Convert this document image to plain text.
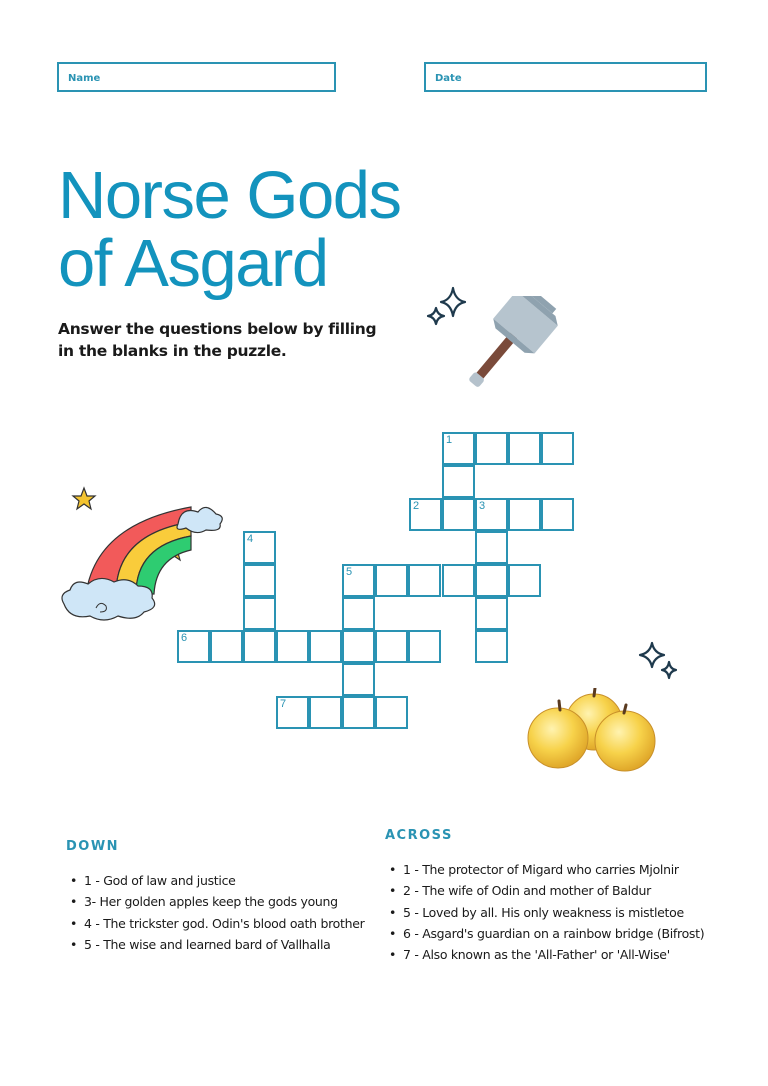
Name	Date
Norse Gods
of Asgard
Answer the questions below by filling
in the blanks in the puzzle.
1
2	3
4
5
6
7
DOWN
• 1 - God of law and justice
• 3- Her golden apples keep the gods young
• 4 - The trickster god. Odin's blood oath brother
• 5 - The wise and learned bard of Vallhalla
ACROSS
• 1 - The protector of Migard who carries Mjolnir
• 2 - The wife of Odin and mother of Baldur
• 5 - Loved by all. His only weakness is mistletoe
• 6 - Asgard's guardian on a rainbow bridge (Bifrost)
• 7 - Also known as the 'All-Father' or 'All-Wise'
